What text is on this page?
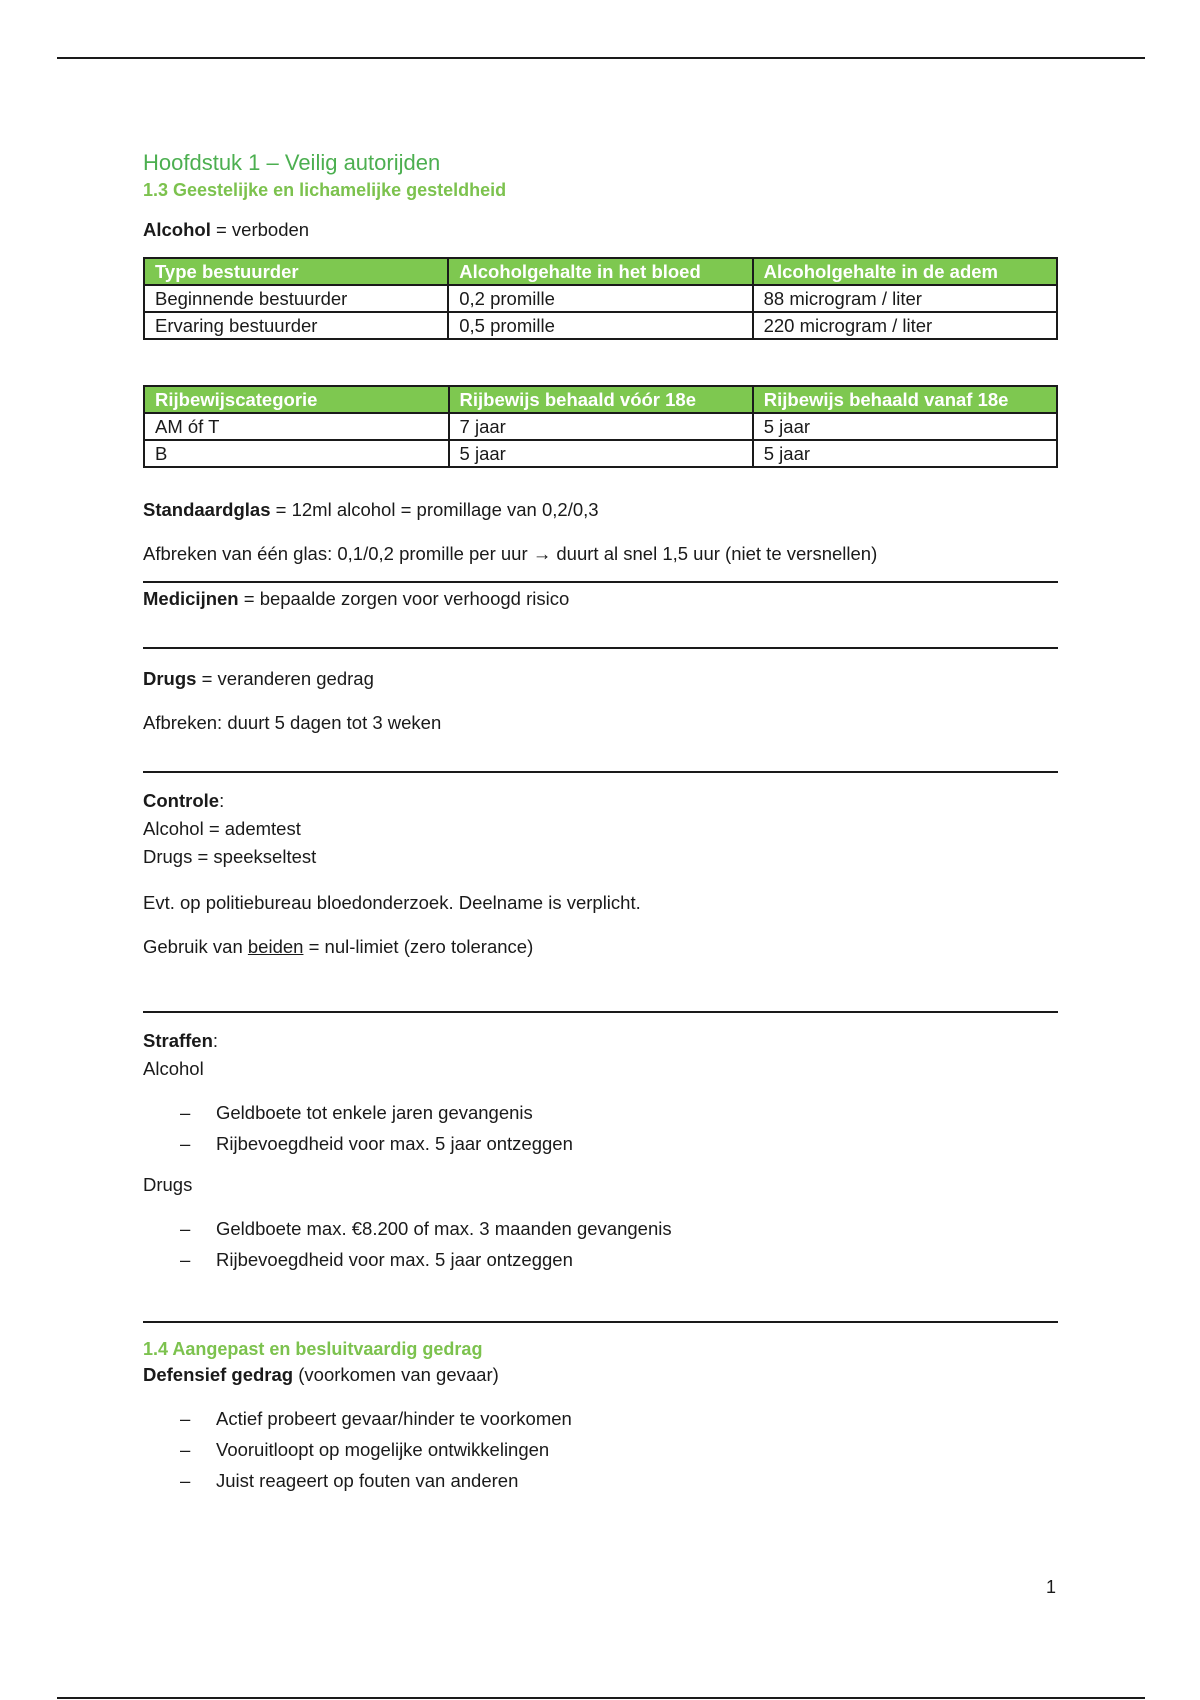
Hoofdstuk 1 – Veilig autorijden
1.3 Geestelijke en lichamelijke gesteldheid

Alcohol = verboden

Type bestuurder	Alcoholgehalte in het bloed	Alcoholgehalte in de adem
Beginnende bestuurder	0,2 promille	88 microgram / liter
Ervaring bestuurder	0,5 promille	220 microgram / liter
Rijbewijscategorie	Rijbewijs behaald vóór 18e	Rijbewijs behaald vanaf 18e
AM óf T	7 jaar	5 jaar
B	5 jaar	5 jaar

Standaardglas = 12ml alcohol = promillage van 0,2/0,3

Afbreken van één glas: 0,1/0,2 promille per uur → duurt al snel 1,5 uur (niet te versnellen)

Medicijnen = bepaalde zorgen voor verhoogd risico

Drugs = veranderen gedrag

Afbreken: duurt 5 dagen tot 3 weken

Controle:

Alcohol = ademtest

Drugs = speekseltest

Evt. op politiebureau bloedonderzoek. Deelname is verplicht.

Gebruik van beiden = nul-limiet (zero tolerance)

Straffen:

Alcohol

– Geldboete tot enkele jaren gevangenis
– Rijbevoegdheid voor max. 5 jaar ontzeggen

Drugs

– Geldboete max. €8.200 of max. 3 maanden gevangenis
– Rijbevoegdheid voor max. 5 jaar ontzeggen
1.4 Aangepast en besluitvaardig gedrag

Defensief gedrag (voorkomen van gevaar)

– Actief probeert gevaar/hinder te voorkomen
– Vooruitloopt op mogelijke ontwikkelingen
– Juist reageert op fouten van anderen
1
